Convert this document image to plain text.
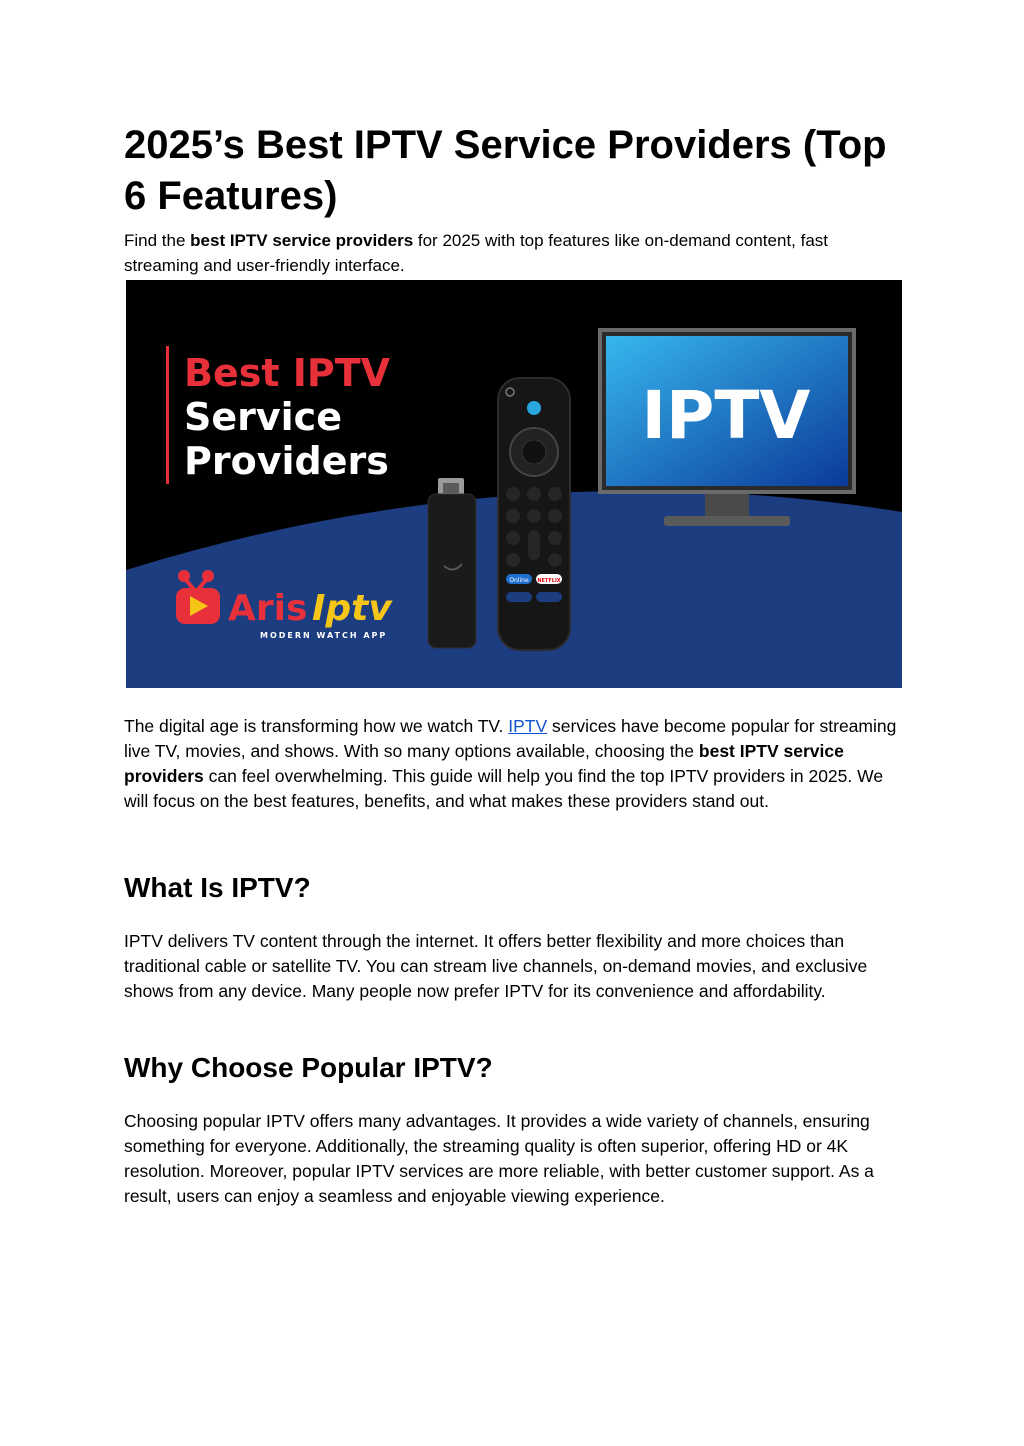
2025’s Best IPTV Service Providers (Top 6 Features)

Find the best IPTV service providers for 2025 with top features like on-demand content, fast streaming and user-friendly interface.

Best IPTV
Service
Providers
Aris Iptv
MODERN WATCH APP
Online NETFLIX
IPTV

The digital age is transforming how we watch TV. IPTV services have become popular for streaming live TV, movies, and shows. With so many options available, choosing the best IPTV service providers can feel overwhelming. This guide will help you find the top IPTV providers in 2025. We will focus on the best features, benefits, and what makes these providers stand out.

What Is IPTV?

IPTV delivers TV content through the internet. It offers better flexibility and more choices than traditional cable or satellite TV. You can stream live channels, on-demand movies, and exclusive shows from any device. Many people now prefer IPTV for its convenience and affordability.

Why Choose Popular IPTV?

Choosing popular IPTV offers many advantages. It provides a wide variety of channels, ensuring something for everyone. Additionally, the streaming quality is often superior, offering HD or 4K resolution. Moreover, popular IPTV services are more reliable, with better customer support. As a result, users can enjoy a seamless and enjoyable viewing experience.
